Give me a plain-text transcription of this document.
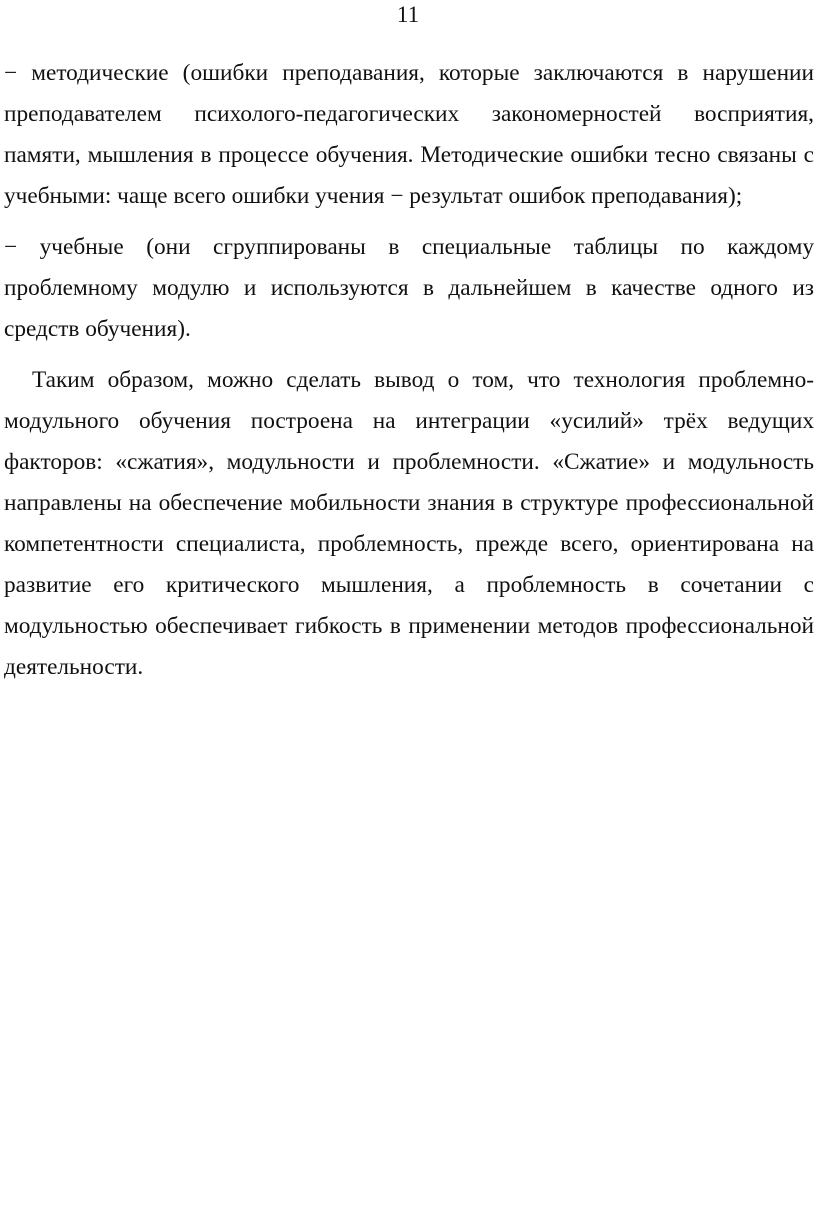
11

− методические (ошибки преподавания, которые заключаются в нарушении преподавателем психолого-педагогических закономерностей восприятия, памяти, мышления в процессе обучения. Методические ошибки тесно связаны с учебными: чаще всего ошибки учения − результат ошибок преподавания);

− учебные (они сгруппированы в специальные таблицы по каждому проблемному модулю и используются в дальнейшем в качестве одного из средств обучения).

Таким образом, можно сделать вывод о том, что технология проблемно-модульного обучения построена на интеграции «усилий» трёх ведущих факторов: «сжатия», модульности и проблемности. «Сжатие» и модульность направлены на обеспечение мобильности знания в структуре профессиональной компетентности специалиста, проблемность, прежде всего, ориентирована на развитие его критического мышления, а проблемность в сочетании с модульностью обеспечивает гибкость в применении методов профессиональной деятельности.
